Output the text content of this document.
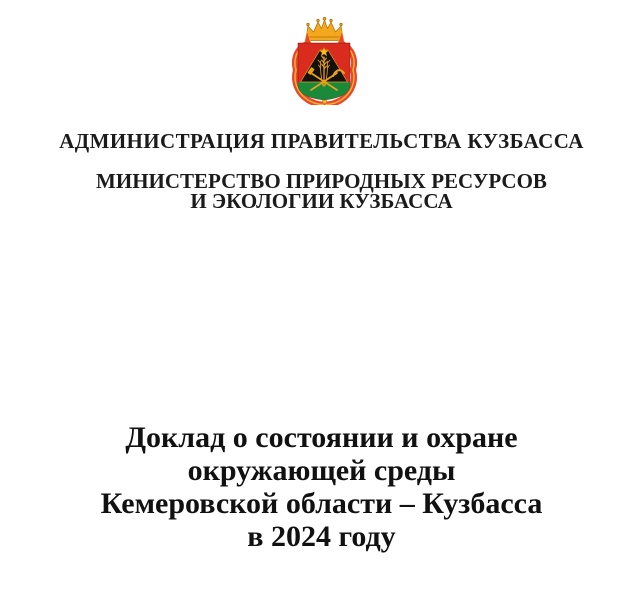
АДМИНИСТРАЦИЯ ПРАВИТЕЛЬСТВА КУЗБАССА
МИНИСТЕРСТВО ПРИРОДНЫХ РЕСУРСОВ
И ЭКОЛОГИИ КУЗБАССА
Доклад о состоянии и охране
окружающей среды
Кемеровской области – Кузбасса
в 2024 году
